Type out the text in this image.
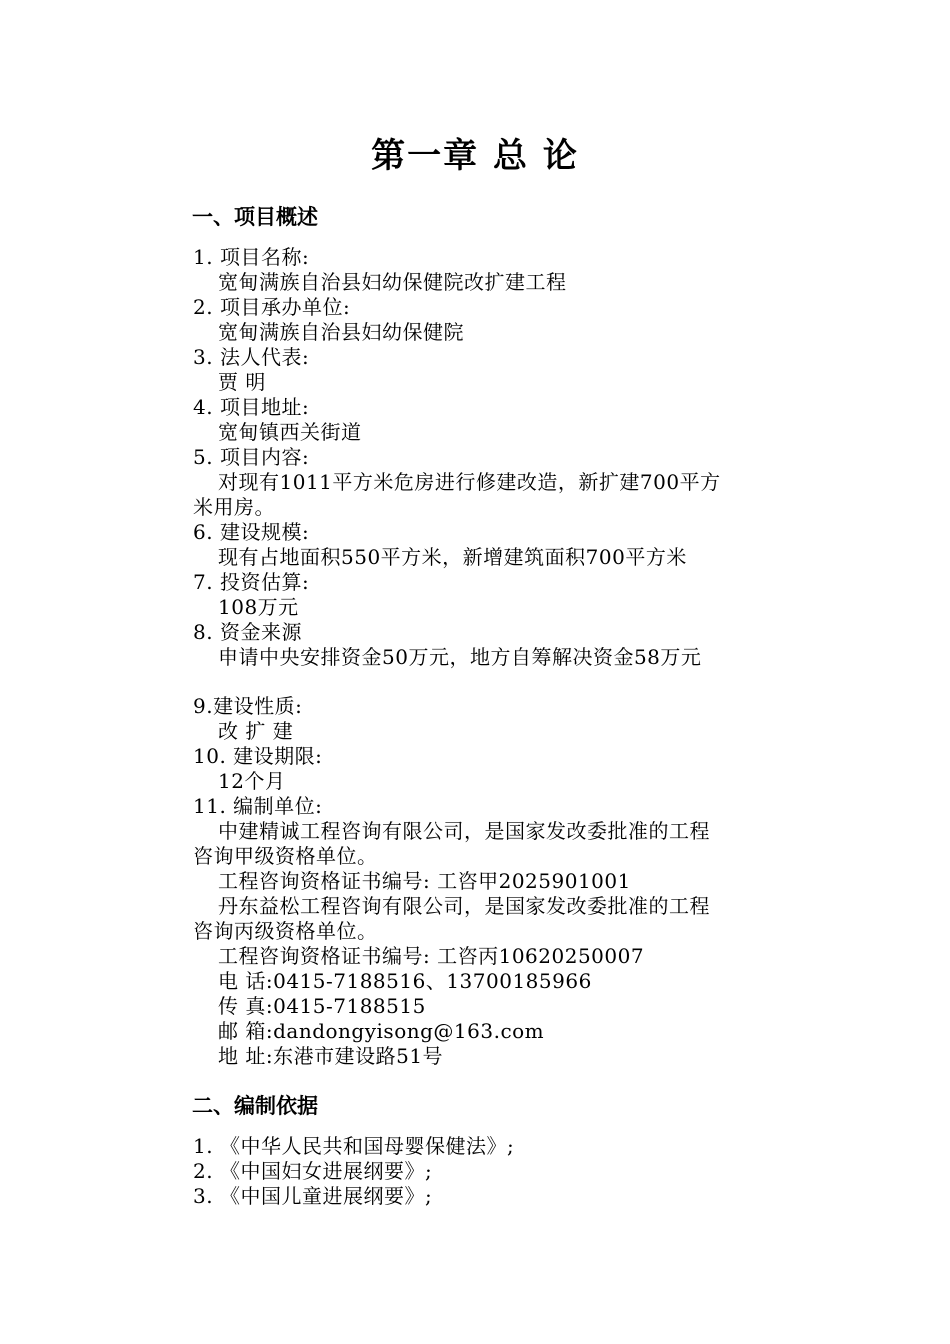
第一章 总 论
一、项目概述
1. 项目名称:
宽甸满族自治县妇幼保健院改扩建工程
2. 项目承办单位:
宽甸满族自治县妇幼保健院
3. 法人代表:
贾 明
4. 项目地址:
宽甸镇西关街道
5. 项目内容:
对现有1011平方米危房进行修建改造，新扩建700平方
米用房。
6. 建设规模:
现有占地面积550平方米，新增建筑面积700平方米
7. 投资估算:
108万元
8. 资金来源
申请中央安排资金50万元，地方自筹解决资金58万元
9.建设性质:
改 扩 建
10. 建设期限:
12个月
11. 编制单位:
中建精诚工程咨询有限公司，是国家发改委批准的工程
咨询甲级资格单位。
工程咨询资格证书编号: 工咨甲2025901001
丹东益松工程咨询有限公司，是国家发改委批准的工程
咨询丙级资格单位。
工程咨询资格证书编号: 工咨丙10620250007
电 话:0415-7188516、13700185966
传 真:0415-7188515
邮 箱:dandongyisong@163.com
地 址:东港市建设路51号
二、编制依据
1. 《中华人民共和国母婴保健法》;
2. 《中国妇女进展纲要》;
3. 《中国儿童进展纲要》;
